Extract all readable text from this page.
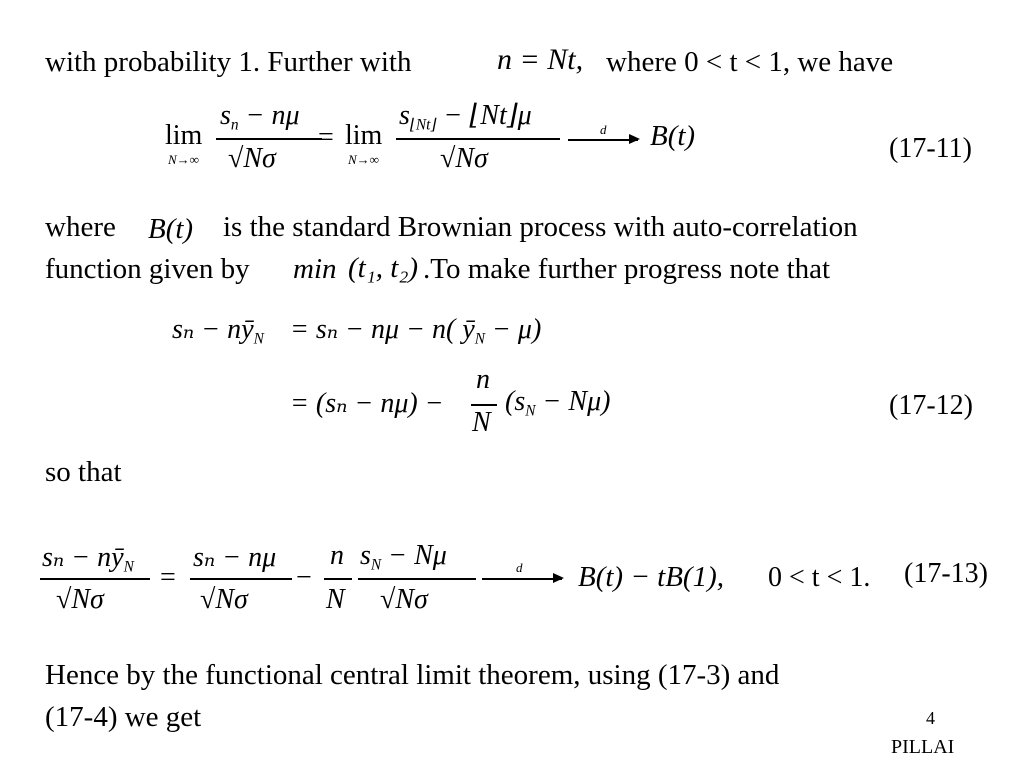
with probability 1. Further with	n = Nt, where 0 < t < 1, we have
lim
N→∞
$s_n - n\mu$
√Nσ
= lim
N→∞
$s_{⌊Nt⌋}$ − ⌊Nt⌋μ
√Nσ
d B(t)	(17-11)
where B(t) is the standard Brownian process with auto-correlation
function given by min (t₁, t₂) .To make further progress note that
$s_n - nȳ_N = s_n - n\mu - n$( $ȳ_N - \mu$)
= (sₙ − nμ) −
n
N
$(s_N - N\mu)$	(17-12)
so that
$s_n - nȳ_N$
√Nσ
=
sₙ − nμ
√Nσ
−
n
N
$s_N - N\mu$
√Nσ
d B(t) − tB(1), 0 < t < 1. (17-13)
Hence by the functional central limit theorem, using (17-3) and
(17-4) we get	4
PILLAI
